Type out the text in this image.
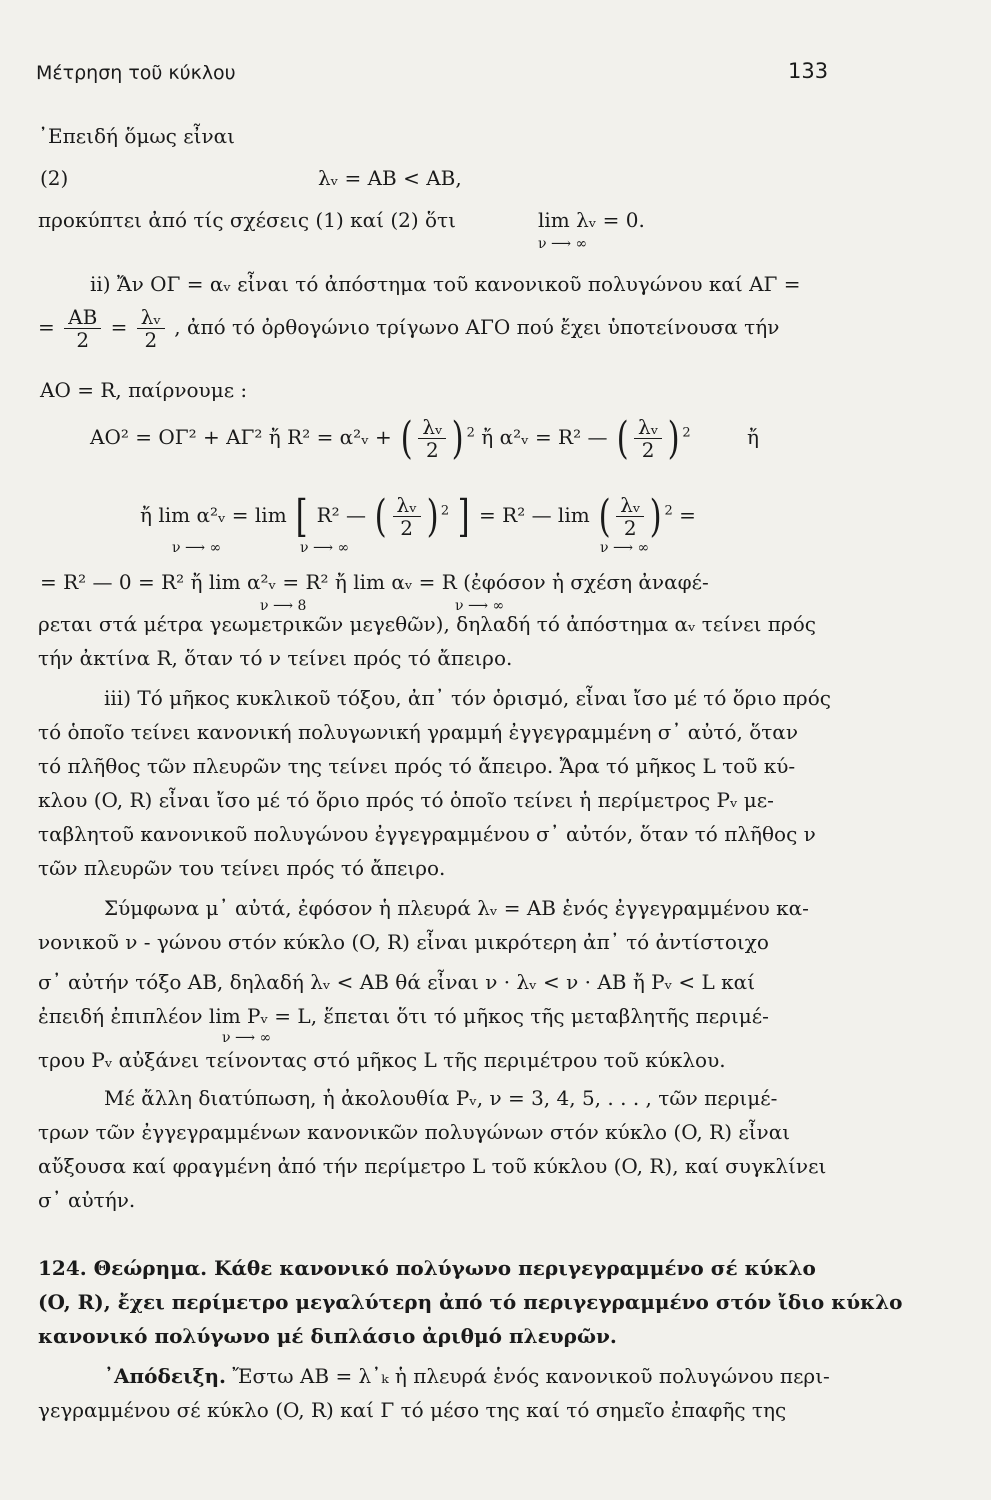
Μέτρηση τοῦ κύκλου	133
᾽Επειδή ὅμως εἶναι
(2)	λᵥ = AB < AB,
προκύπτει ἀπό τίς σχέσεις (1) καί (2) ὅτι	lim λᵥ = 0.
ν ⟶ ∞
ii) Ἄν ΟΓ = αᵥ εἶναι τό ἀπόστημα τοῦ κανονικοῦ πολυγώνου καί ΑΓ =
= $\frac{AB}{2} = \frac{\text{λᵥ}}{2}$ , ἀπό τό ὀρθογώνιο τρίγωνο ΑΓΟ πού ἔχει ὑποτείνουσα τήν
AO = R, παίρνουμε :
AO² = ΟΓ² + ΑΓ² ἤ R² = α²ᵥ + ( $\frac{\text{λᵥ}}{2}$ ) $^2$ ἤ α²ᵥ = R² — ( $\frac{\text{λᵥ}}{2}$ ) $^2$	ἤ
ἤ lim α²ᵥ = lim [ R² — ( $\frac{\text{λᵥ}}{2}$ ) $^2$ ] = R² — lim ( $\frac{\text{λᵥ}}{2}$ ) $^2$ =
ν ⟶ ∞	ν ⟶ ∞	ν ⟶ ∞
= R² — 0 = R² ἤ lim α²ᵥ = R² ἤ lim αᵥ = R (ἐφόσον ἡ σχέση ἀναφέ-
ν ⟶ 8	ν ⟶ ∞
ρεται στά μέτρα γεωμετρικῶν μεγεθῶν), δηλαδή τό ἀπόστημα αᵥ τείνει πρός
τήν ἀκτίνα R, ὅταν τό ν τείνει πρός τό ἄπειρο.
iii) Τό μῆκος κυκλικοῦ τόξου, ἀπ᾽ τόν ὁρισμό, εἶναι ἴσο μέ τό ὅριο πρός
τό ὁποῖο τείνει κανονική πολυγωνική γραμμή ἐγγεγραμμένη σ᾽ αὐτό, ὅταν
τό πλῆθος τῶν πλευρῶν της τείνει πρός τό ἄπειρο. Ἄρα τό μῆκος L τοῦ κύ-
κλου (O, R) εἶναι ἴσο μέ τό ὅριο πρός τό ὁποῖο τείνει ἡ περίμετρος Pᵥ με-
ταβλητοῦ κανονικοῦ πολυγώνου ἐγγεγραμμένου σ᾽ αὐτόν, ὅταν τό πλῆθος ν
τῶν πλευρῶν του τείνει πρός τό ἄπειρο.
Σύμφωνα μ᾽ αὐτά, ἐφόσον ἡ πλευρά λᵥ = AB ἑνός ἐγγεγραμμένου κα-
νονικοῦ ν - γώνου στόν κύκλο (O, R) εἶναι μικρότερη ἀπ᾽ τό ἀντίστοιχο
σ᾽ αὐτήν τόξο AB, δηλαδή λᵥ < AB θά εἶναι ν · λᵥ < ν · AB ἤ Pᵥ < L καί
ἐπειδή ἐπιπλέον lim Pᵥ = L, ἕπεται ὅτι τό μῆκος τῆς μεταβλητῆς περιμέ-
ν ⟶ ∞
τρου Pᵥ αὐξάνει τείνοντας στό μῆκος L τῆς περιμέτρου τοῦ κύκλου.
Μέ ἄλλη διατύπωση, ἡ ἀκολουθία Pᵥ, ν = 3, 4, 5, . . . , τῶν περιμέ-
τρων τῶν ἐγγεγραμμένων κανονικῶν πολυγώνων στόν κύκλο (O, R) εἶναι
αὔξουσα καί φραγμένη ἀπό τήν περίμετρο L τοῦ κύκλου (O, R), καί συγκλίνει
σ᾽ αὐτήν.
124. Θεώρημα. Κάθε κανονικό πολύγωνο περιγεγραμμένο σέ κύκλο
(O, R), ἔχει περίμετρο μεγαλύτερη ἀπό τό περιγεγραμμένο στόν ἴδιο κύκλο
κανονικό πολύγωνο μέ διπλάσιο ἀριθμό πλευρῶν.
᾽Απόδειξη. Ἔστω AB = λ᾽ₖ ἡ πλευρά ἑνός κανονικοῦ πολυγώνου περι-
γεγραμμένου σέ κύκλο (O, R) καί Γ τό μέσο της καί τό σημεῖο ἐπαφῆς της
